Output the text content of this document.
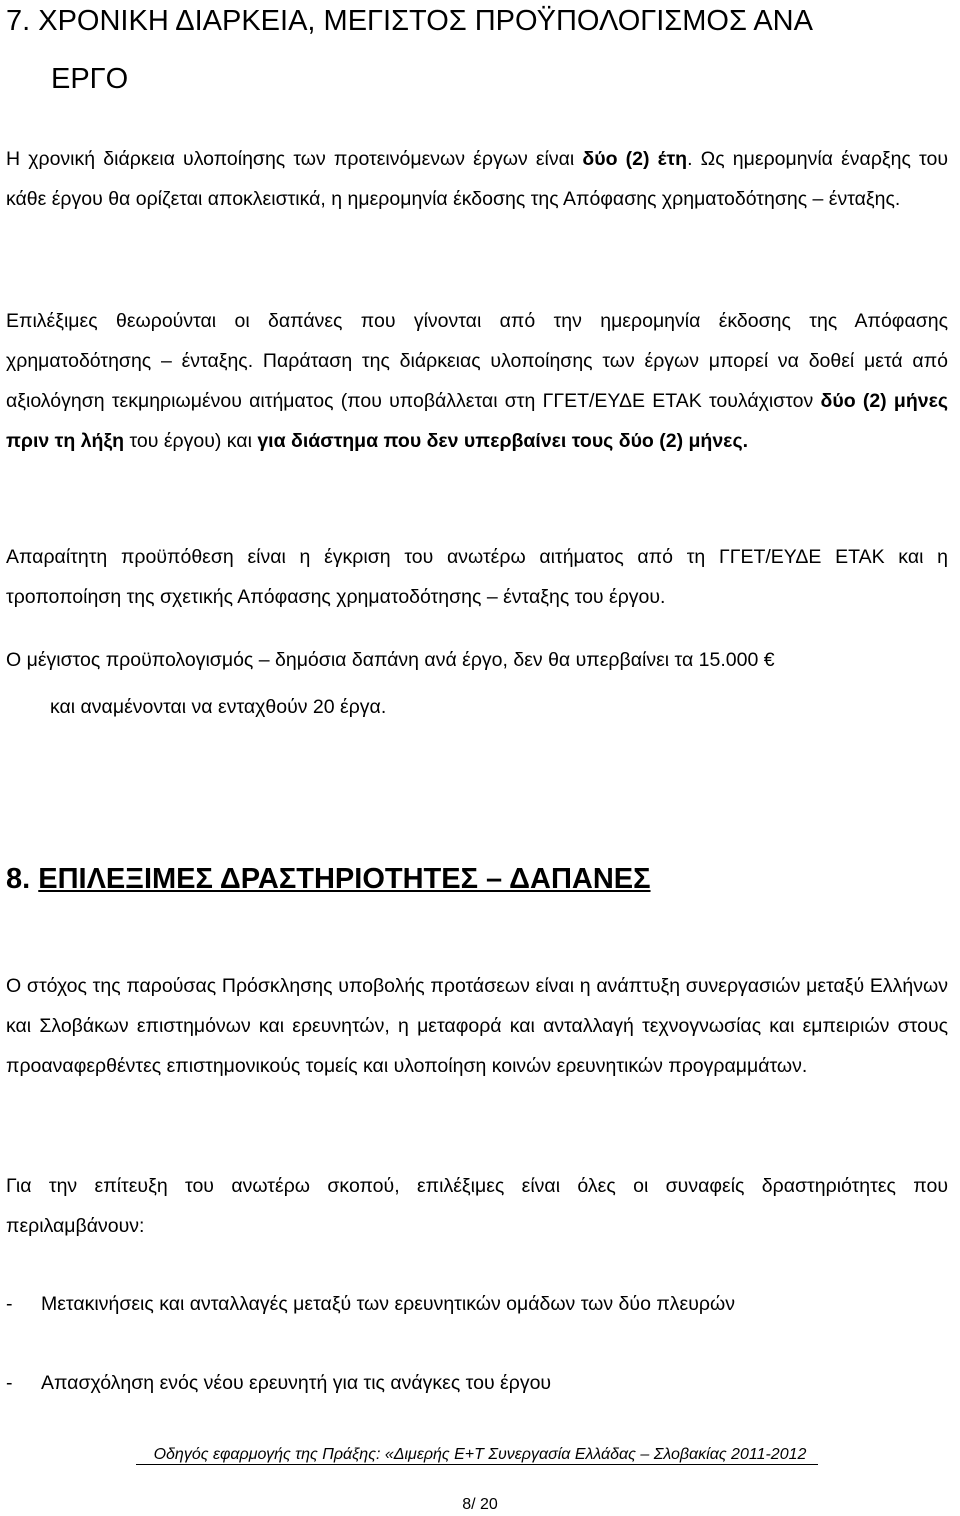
7. ΧΡΟΝΙΚΗ ΔΙΑΡΚΕΙΑ, ΜΕΓΙΣΤΟΣ ΠΡΟΫΠΟΛΟΓΙΣΜΟΣ ΑΝΑ
ΕΡΓΟ

Η χρονική διάρκεια υλοποίησης των προτεινόμενων έργων είναι δύο (2) έτη. Ως ημερομηνία έναρξης του κάθε έργου θα ορίζεται αποκλειστικά, η ημερομηνία έκδοσης της Απόφασης χρηματοδότησης – ένταξης.

Επιλέξιμες θεωρούνται οι δαπάνες που γίνονται από την ημερομηνία έκδοσης της Απόφασης χρηματοδότησης – ένταξης. Παράταση της διάρκειας υλοποίησης των έργων μπορεί να δοθεί μετά από αξιολόγηση τεκμηριωμένου αιτήματος (που υποβάλλεται στη ΓΓΕΤ/ΕΥΔΕ ΕΤΑΚ τουλάχιστον δύο (2) μήνες πριν τη λήξη του έργου) και για διάστημα που δεν υπερβαίνει τους δύο (2) μήνες.

Απαραίτητη προϋπόθεση είναι η έγκριση του ανωτέρω αιτήματος από τη ΓΓΕΤ/ΕΥΔΕ ΕΤΑΚ και η τροποποίηση της σχετικής Απόφασης χρηματοδότησης – ένταξης του έργου.

Ο μέγιστος προϋπολογισμός – δημόσια δαπάνη ανά έργο, δεν θα υπερβαίνει τα 15.000 €
και αναμένονται να ενταχθούν 20 έργα.

8. ΕΠΙΛΕΞΙΜΕΣ ΔΡΑΣΤΗΡΙΟΤΗΤΕΣ – ΔΑΠΑΝΕΣ

Ο στόχος της παρούσας Πρόσκλησης υποβολής προτάσεων είναι η ανάπτυξη συνεργασιών μεταξύ Ελλήνων και Σλοβάκων επιστημόνων και ερευνητών, η μεταφορά και ανταλλαγή τεχνογνωσίας και εμπειριών στους προαναφερθέντες επιστημονικούς τομείς και υλοποίηση κοινών ερευνητικών προγραμμάτων.

Για την επίτευξη του ανωτέρω σκοπού, επιλέξιμες είναι όλες οι συναφείς δραστηριότητες που περιλαμβάνουν:

- Μετακινήσεις και ανταλλαγές μεταξύ των ερευνητικών ομάδων των δύο πλευρών

- Απασχόληση ενός νέου ερευνητή για τις ανάγκες του έργου

Οδηγός εφαρμογής της Πράξης: «Διμερής Ε+Τ Συνεργασία Ελλάδας – Σλοβακίας 2011-2012
8/ 20
